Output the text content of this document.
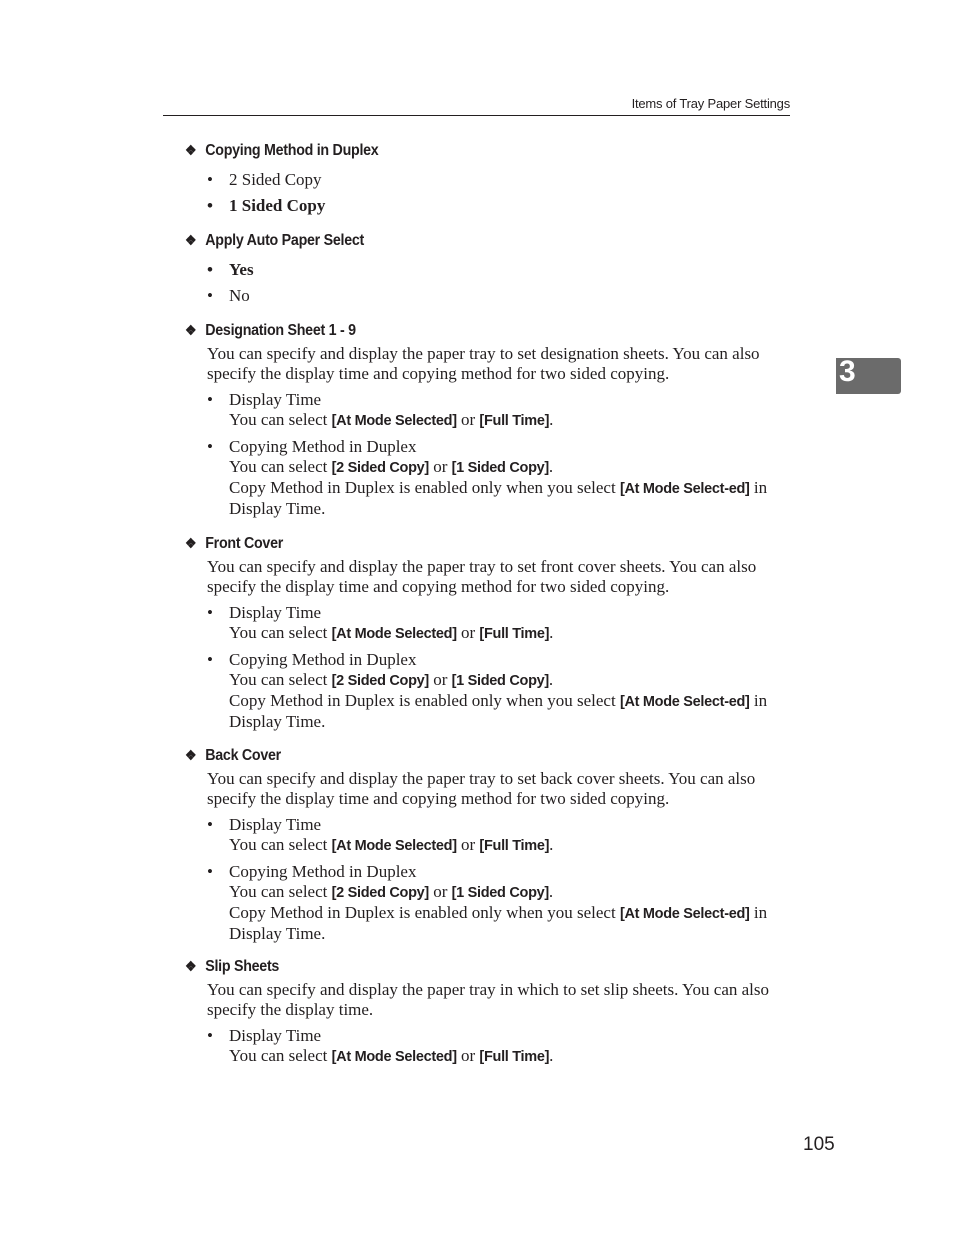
Items of Tray Paper Settings
3
❖ Copying Method in Duplex
• 2 Sided Copy
• 1 Sided Copy
❖ Apply Auto Paper Select
• Yes
• No
❖ Designation Sheet 1 - 9
You can specify and display the paper tray to set designation sheets. You can also specify the display time and copying method for two sided copying.
• Display Time
You can select [At Mode Selected] or [Full Time].
• Copying Method in Duplex
You can select [2 Sided Copy] or [1 Sided Copy].
Copy Method in Duplex is enabled only when you select [At Mode Select-ed] in Display Time.
❖ Front Cover
You can specify and display the paper tray to set front cover sheets. You can also specify the display time and copying method for two sided copying.
• Display Time
You can select [At Mode Selected] or [Full Time].
• Copying Method in Duplex
You can select [2 Sided Copy] or [1 Sided Copy].
Copy Method in Duplex is enabled only when you select [At Mode Select-ed] in Display Time.
❖ Back Cover
You can specify and display the paper tray to set back cover sheets. You can also specify the display time and copying method for two sided copying.
• Display Time
You can select [At Mode Selected] or [Full Time].
• Copying Method in Duplex
You can select [2 Sided Copy] or [1 Sided Copy].
Copy Method in Duplex is enabled only when you select [At Mode Select-ed] in Display Time.
❖ Slip Sheets
You can specify and display the paper tray in which to set slip sheets. You can also specify the display time.
• Display Time
You can select [At Mode Selected] or [Full Time].
105
